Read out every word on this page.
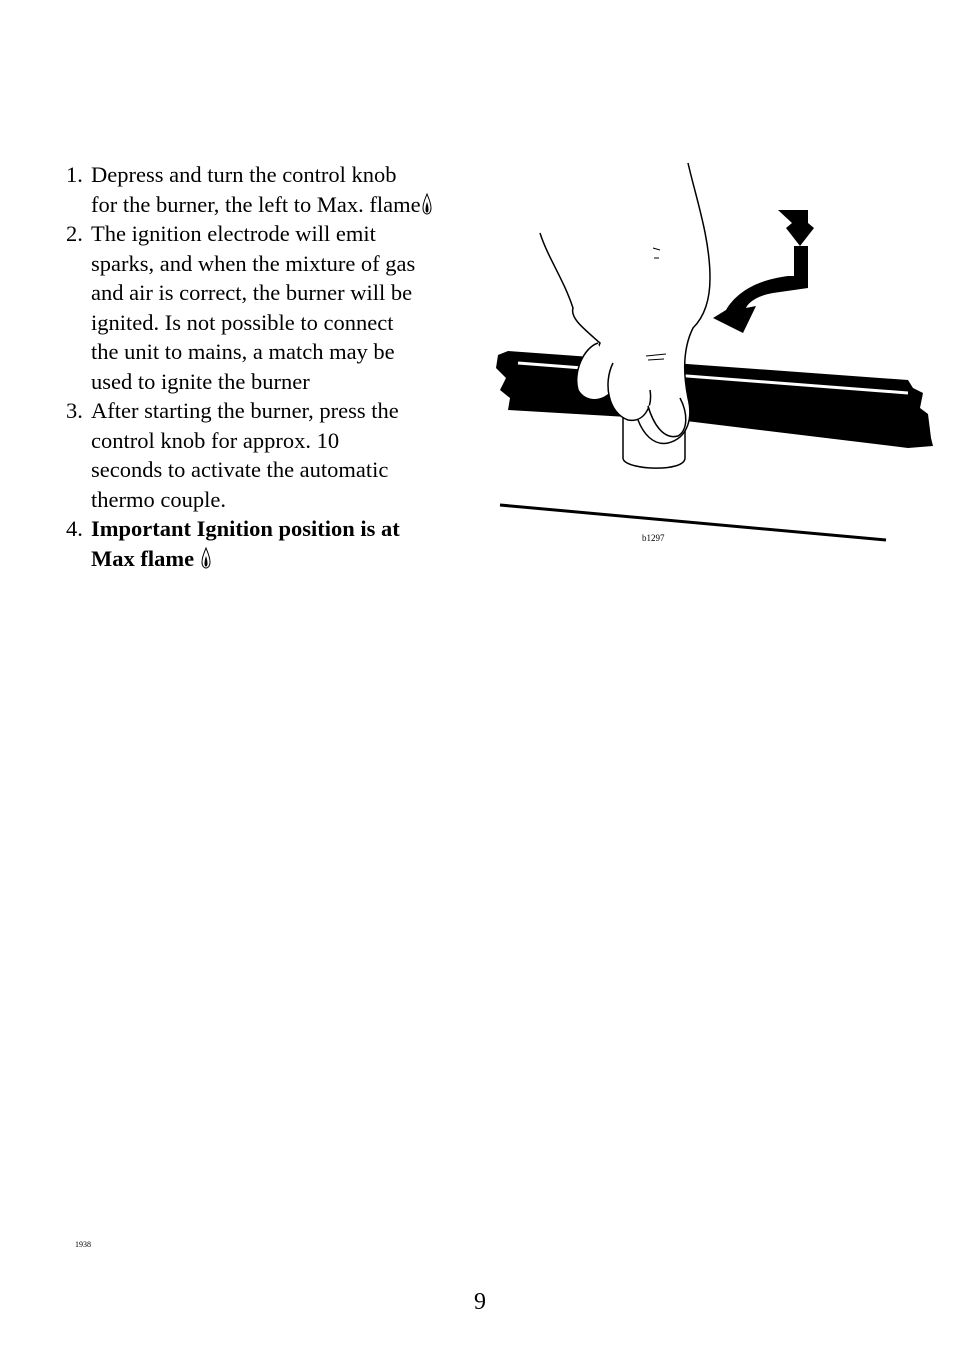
1. Depress and turn the control knob
for the burner, the left to Max. flame
2. The ignition electrode will emit
sparks, and when the mixture of gas
and air is correct, the burner will be
ignited. Is not possible to connect
the unit to mains, a match may be
used to ignite the burner
3. After starting the burner, press the
control knob for approx. 10
seconds to activate the automatic
thermo couple.
4. Important Ignition position is at
Max flame
b1297
1938
9
